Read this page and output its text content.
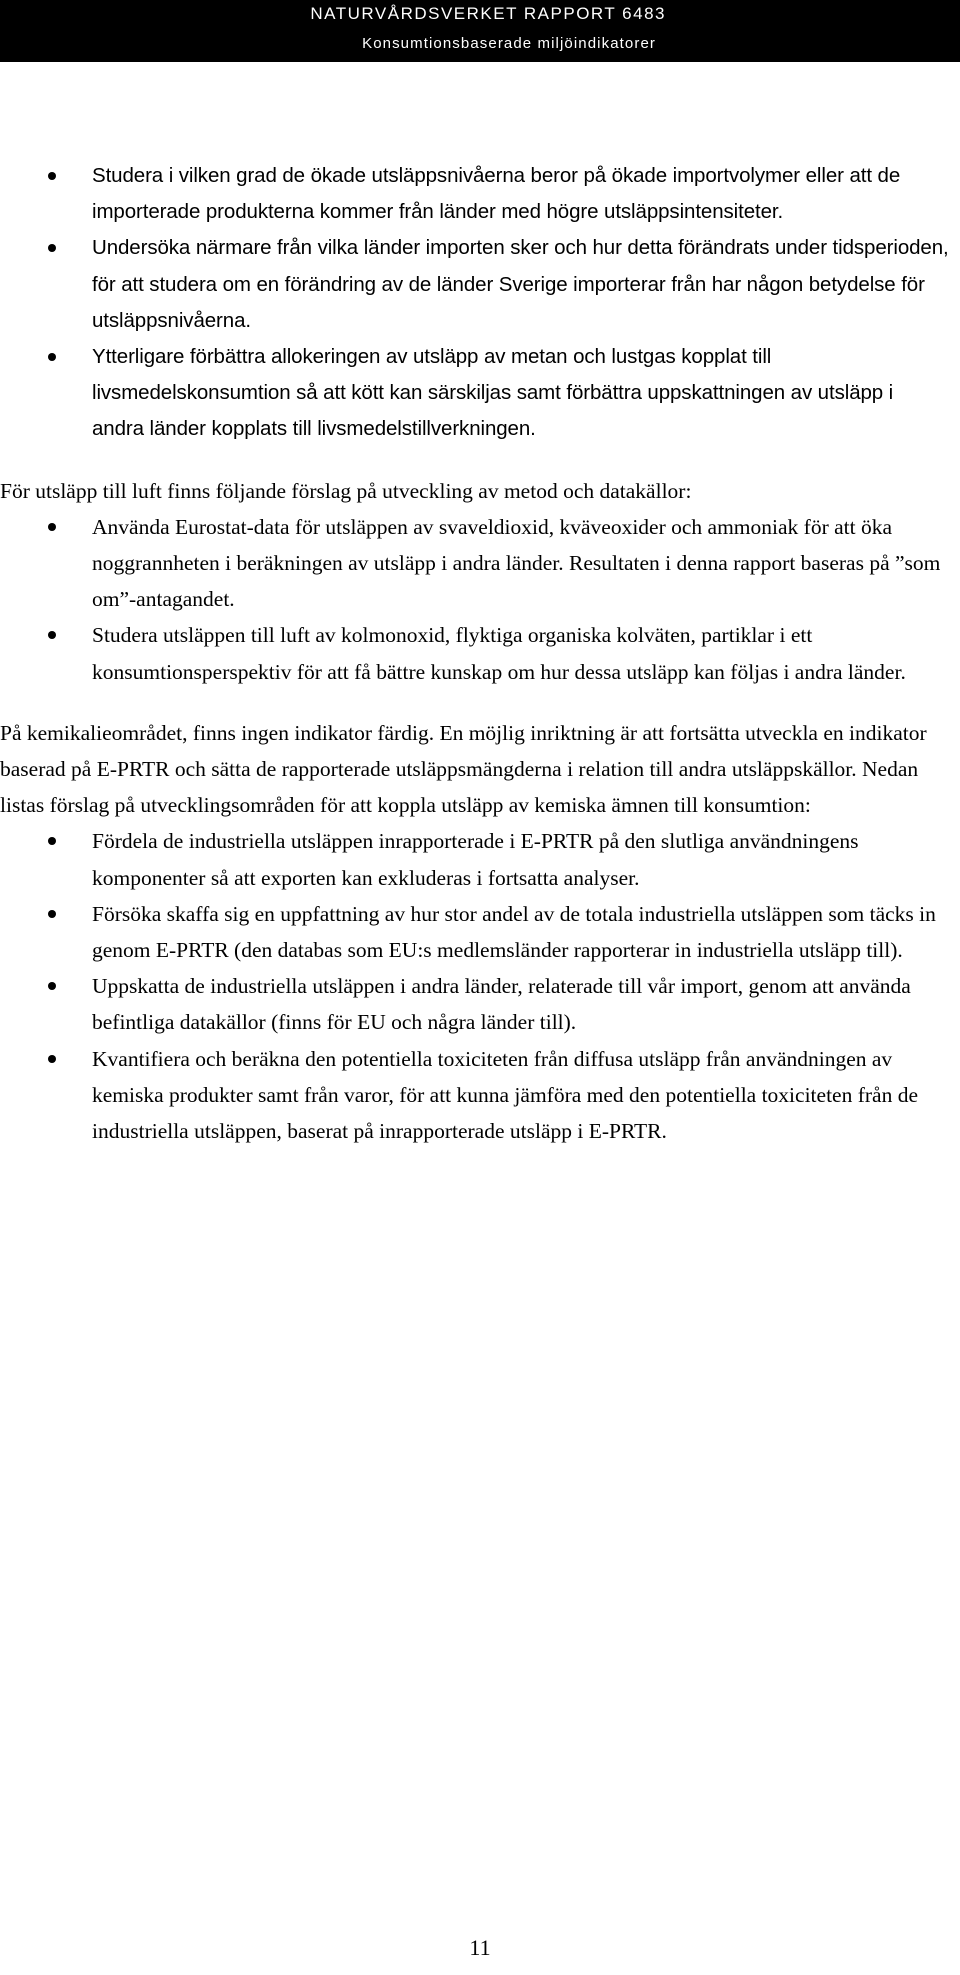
NATURVÅRDSVERKET RAPPORT 6483
Konsumtionsbaserade miljöindikatorer
Studera i vilken grad de ökade utsläppsnivåerna beror på ökade importvolymer eller att de importerade produkterna kommer från länder med högre utsläppsintensiteter.
Undersöka närmare från vilka länder importen sker och hur detta förändrats under tidsperioden, för att studera om en förändring av de länder Sverige importerar från har någon betydelse för utsläppsnivåerna.
Ytterligare förbättra allokeringen av utsläpp av metan och lustgas kopplat till livsmedelskonsumtion så att kött kan särskiljas samt förbättra uppskattningen av utsläpp i andra länder kopplats till livsmedelstillverkningen.

För utsläpp till luft finns följande förslag på utveckling av metod och datakällor:

Använda Eurostat-data för utsläppen av svaveldioxid, kväveoxider och ammoniak för att öka noggrannheten i beräkningen av utsläpp i andra länder. Resultaten i denna rapport baseras på ”som om”-antagandet.
Studera utsläppen till luft av kolmonoxid, flyktiga organiska kolväten, partiklar i ett konsumtionsperspektiv för att få bättre kunskap om hur dessa utsläpp kan följas i andra länder.

På kemikalieområdet, finns ingen indikator färdig. En möjlig inriktning är att fortsätta utveckla en indikator baserad på E-PRTR och sätta de rapporterade utsläppsmängderna i relation till andra utsläppskällor. Nedan listas förslag på utvecklingsområden för att koppla utsläpp av kemiska ämnen till konsumtion:

Fördela de industriella utsläppen inrapporterade i E-PRTR på den slutliga användningens komponenter så att exporten kan exkluderas i fortsatta analyser.
Försöka skaffa sig en uppfattning av hur stor andel av de totala industriella utsläppen som täcks in genom E-PRTR (den databas som EU:s medlemsländer rapporterar in industriella utsläpp till).
Uppskatta de industriella utsläppen i andra länder, relaterade till vår import, genom att använda befintliga datakällor (finns för EU och några länder till).
Kvantifiera och beräkna den potentiella toxiciteten från diffusa utsläpp från användningen av kemiska produkter samt från varor, för att kunna jämföra med den potentiella toxiciteten från de industriella utsläppen, baserat på inrapporterade utsläpp i E-PRTR.
11
